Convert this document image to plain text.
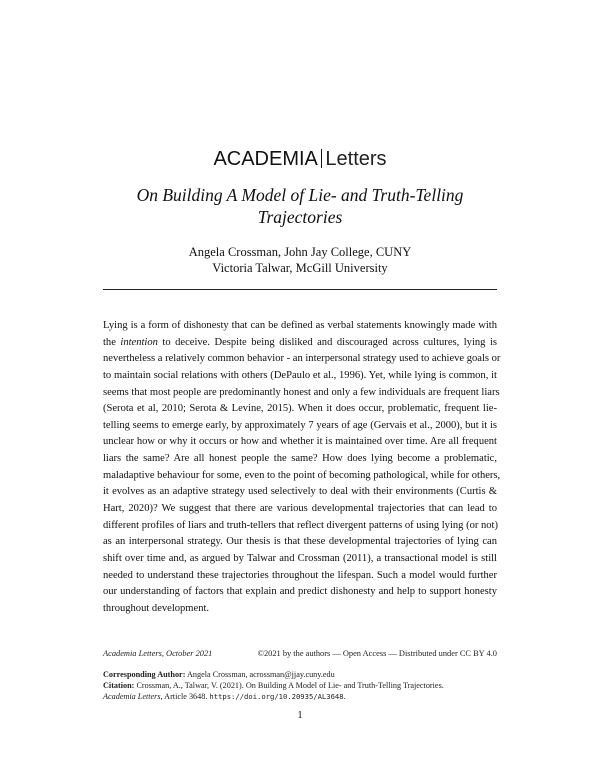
ACADEMIA Letters
On Building A Model of Lie- and Truth-Telling
Trajectories
Angela Crossman, John Jay College, CUNY
Victoria Talwar, McGill University
Lying is a form of dishonesty that can be defined as verbal statements knowingly made with
the intention to deceive. Despite being disliked and discouraged across cultures, lying is
nevertheless a relatively common behavior - an interpersonal strategy used to achieve goals or
to maintain social relations with others (DePaulo et al., 1996). Yet, while lying is common, it
seems that most people are predominantly honest and only a few individuals are frequent liars
(Serota et al, 2010; Serota & Levine, 2015). When it does occur, problematic, frequent lie-
telling seems to emerge early, by approximately 7 years of age (Gervais et al., 2000), but it is
unclear how or why it occurs or how and whether it is maintained over time. Are all frequent
liars the same? Are all honest people the same? How does lying become a problematic,
maladaptive behaviour for some, even to the point of becoming pathological, while for others,
it evolves as an adaptive strategy used selectively to deal with their environments (Curtis &
Hart, 2020)? We suggest that there are various developmental trajectories that can lead to
different profiles of liars and truth-tellers that reflect divergent patterns of using lying (or not)
as an interpersonal strategy. Our thesis is that these developmental trajectories of lying can
shift over time and, as argued by Talwar and Crossman (2011), a transactional model is still
needed to understand these trajectories throughout the lifespan. Such a model would further
our understanding of factors that explain and predict dishonesty and help to support honesty
throughout development.
Academia Letters, October 2021	©2021 by the authors — Open Access — Distributed under CC BY 4.0
Corresponding Author: Angela Crossman, acrossman@jjay.cuny.edu
Citation: Crossman, A., Talwar, V. (2021). On Building A Model of Lie- and Truth-Telling Trajectories.
Academia Letters, Article 3648. https://doi.org/10.20935/AL3648.
1
